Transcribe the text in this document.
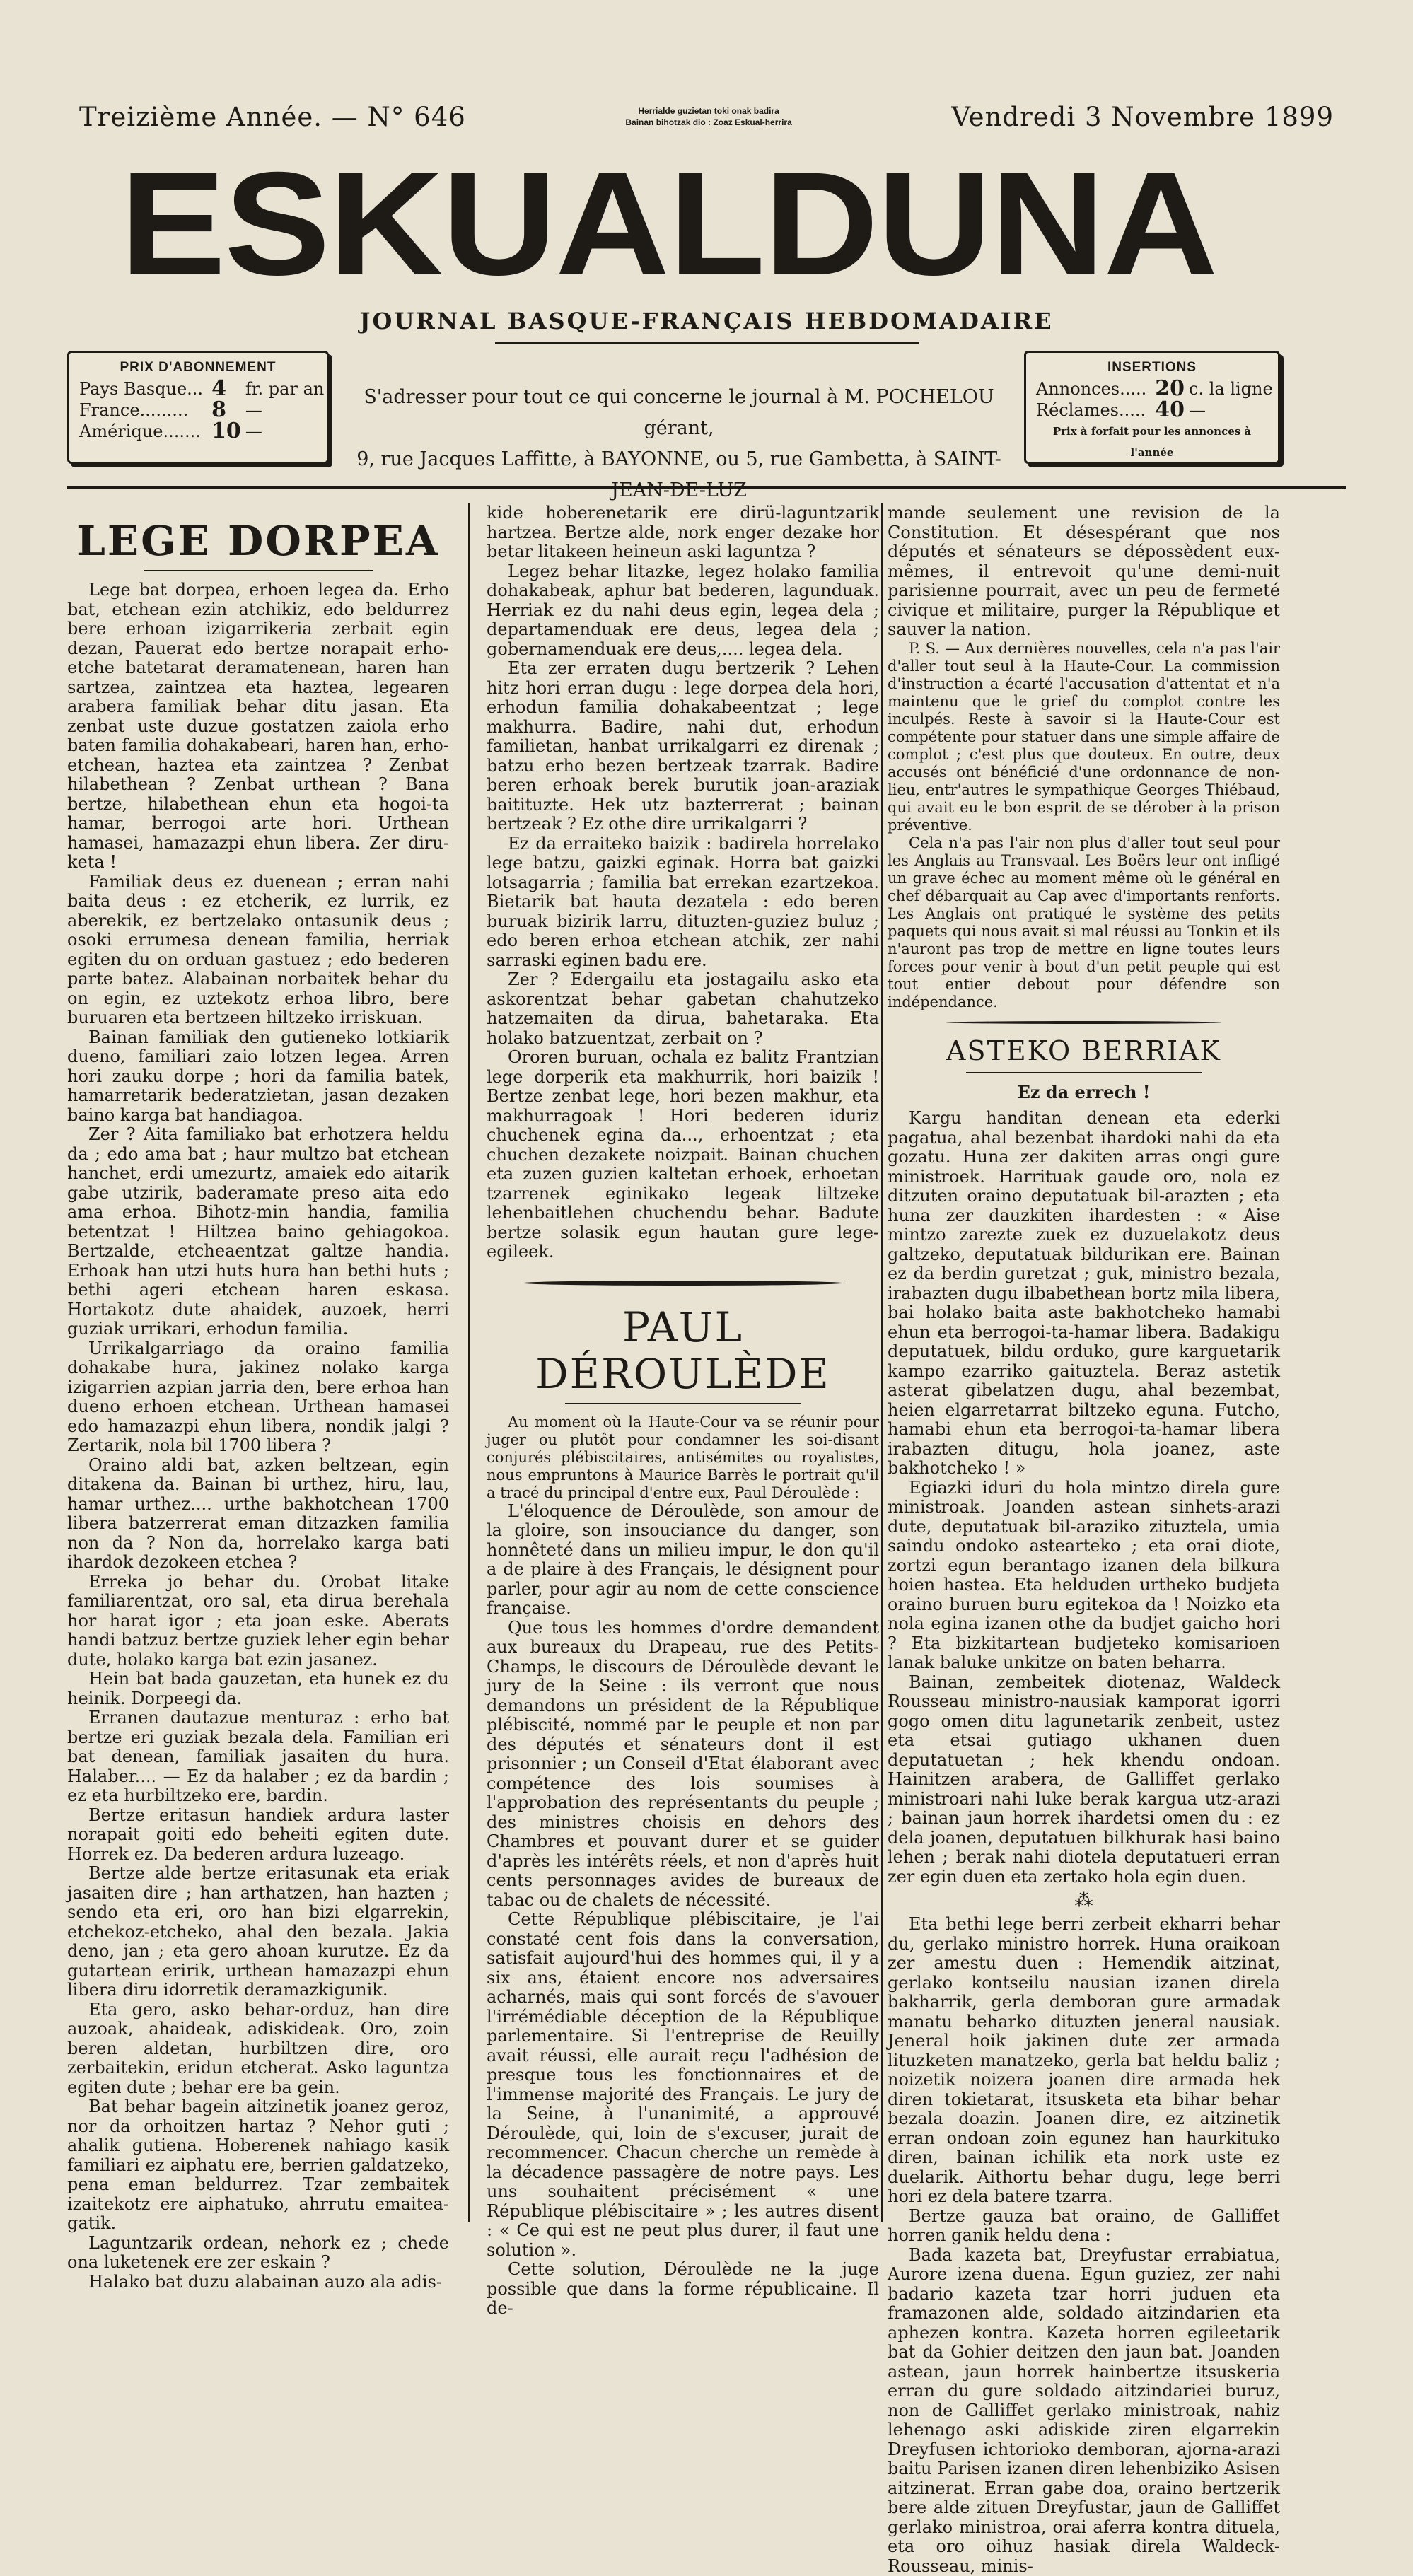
Treizième Année. — N° 646	Herrialde guzietan toki onak badira
Bainan bihotzak dio : Zoaz Eskual-herrira	Vendredi 3 Novembre 1899
ESKUALDUNA
JOURNAL BASQUE-FRANÇAIS HEBDOMADAIRE
PRIX D'ABONNEMENT
Pays Basque...	4	fr. par an
France.........	8	—
Amérique.......	10	—
S'adresser pour tout ce qui concerne le journal à M. POCHELOU gérant,
9, rue Jacques Laffitte, à BAYONNE, ou 5, rue Gambetta, à SAINT-JEAN-DE-LUZ
INSERTIONS
Annonces.....	20	c. la ligne
Réclames.....	40	—
Prix à forfait pour les annonces à l'année
LEGE DORPEA

Lege bat dorpea, erhoen legea da. Erho bat, etchean ezin atchikiz, edo beldurrez bere erhoan izigarrikeria zerbait egin dezan, Pauerat edo bertze norapait erho-etche batetarat deramatenean, haren han sartzea, zaintzea eta haztea, legearen arabera familiak behar ditu jasan. Eta zenbat uste duzue gostatzen zaiola erho baten familia dohakabeari, haren han, erho-etchean, haztea eta zaintzea ? Zenbat hilabethean ? Zenbat urthean ? Bana bertze, hilabethean ehun eta hogoi-ta hamar, berrogoi arte hori. Urthean hamasei, hamazazpi ehun libera. Zer diru-keta !

Familiak deus ez duenean ; erran nahi baita deus : ez etcherik, ez lurrik, ez aberekik, ez bertzelako ontasunik deus ; osoki errumesa denean familia, herriak egiten du on orduan gastuez ; edo bederen parte batez. Alabainan norbaitek behar du on egin, ez uztekotz erhoa libro, bere buruaren eta bertzeen hiltzeko irriskuan.

Bainan familiak den gutieneko lotkiarik dueno, familiari zaio lotzen legea. Arren hori zauku dorpe ; hori da familia batek, hamarretarik bederatzietan, jasan dezaken baino karga bat handiagoa.

Zer ? Aita familiako bat erhotzera heldu da ; edo ama bat ; haur multzo bat etchean hanchet, erdi umezurtz, amaiek edo aitarik gabe utzirik, baderamate preso aita edo ama erhoa. Bihotz-min handia, familia betentzat ! Hiltzea baino gehiagokoa. Bertzalde, etcheaentzat galtze handia. Erhoak han utzi huts hura han bethi huts ; bethi ageri etchean haren eskasa. Hortakotz dute ahaidek, auzoek, herri guziak urrikari, erhodun familia.

Urrikalgarriago da oraino familia dohakabe hura, jakinez nolako karga izigarrien azpian jarria den, bere erhoa han dueno erhoen etchean. Urthean hamasei edo hamazazpi ehun libera, nondik jalgi ? Zertarik, nola bil 1700 libera ?

Oraino aldi bat, azken beltzean, egin ditakena da. Bainan bi urthez, hiru, lau, hamar urthez.... urthe bakhotchean 1700 libera batzerrerat eman ditzazken familia non da ? Non da, horrelako karga bati ihardok dezokeen etchea ?

Erreka jo behar du. Orobat litake familiarentzat, oro sal, eta dirua berehala hor harat igor ; eta joan eske. Aberats handi batzuz bertze guziek leher egin behar dute, holako karga bat ezin jasanez.

Hein bat bada gauzetan, eta hunek ez du heinik. Dorpeegi da.

Erranen dautazue menturaz : erho bat bertze eri guziak bezala dela. Familian eri bat denean, familiak jasaiten du hura. Halaber.... — Ez da halaber ; ez da bardin ; ez eta hurbiltzeko ere, bardin.

Bertze eritasun handiek ardura laster norapait goiti edo beheiti egiten dute. Horrek ez. Da bederen ardura luzeago.

Bertze alde bertze eritasunak eta eriak jasaiten dire ; han arthatzen, han hazten ; sendo eta eri, oro han bizi elgarrekin, etchekoz-etcheko, ahal den bezala. Jakia deno, jan ; eta gero ahoan kurutze. Ez da gutartean eririk, urthean hamazazpi ehun libera diru idorretik deramazkigunik.

Eta gero, asko behar-orduz, han dire auzoak, ahaideak, adiskideak. Oro, zoin beren aldetan, hurbiltzen dire, oro zerbaitekin, eridun etcherat. Asko laguntza egiten dute ; behar ere ba gein.

Bat behar bagein aitzinetik joanez geroz, nor da orhoitzen hartaz ? Nehor guti ; ahalik gutiena. Hoberenek nahiago kasik familiari ez aiphatu ere, berrien galdatzeko, pena eman beldurrez. Tzar zembaitek izaitekotz ere aiphatuko, ahrrutu emaitea-gatik.

Laguntzarik ordean, nehork ez ; chede ona luketenek ere zer eskain ?

Halako bat duzu alabainan auzo ala adis-

kide hoberenetarik ere dirü-laguntzarik hartzea. Bertze alde, nork enger dezake hor betar litakeen heineun aski laguntza ?

Legez behar litazke, legez holako familia dohakabeak, aphur bat bederen, lagunduak. Herriak ez du nahi deus egin, legea dela ; departamenduak ere deus, legea dela ; gobernamenduak ere deus,.... legea dela.

Eta zer erraten dugu bertzerik ? Lehen hitz hori erran dugu : lege dorpea dela hori, erhodun familia dohakabeentzat ; lege makhurra. Badire, nahi dut, erhodun familietan, hanbat urrikalgarri ez direnak ; batzu erho bezen bertzeak tzarrak. Badire beren erhoak berek burutik joan-araziak baitituzte. Hek utz bazterrerat ; bainan bertzeak ? Ez othe dire urrikalgarri ?

Ez da erraiteko baizik : badirela horrelako lege batzu, gaizki eginak. Horra bat gaizki lotsagarria ; familia bat errekan ezartzekoa. Bietarik bat hauta dezatela : edo beren buruak bizirik larru, dituzten-guziez buluz ; edo beren erhoa etchean atchik, zer nahi sarraski eginen badu ere.

Zer ? Edergailu eta jostagailu asko eta askorentzat behar gabetan chahutzeko hatzemaiten da dirua, bahetaraka. Eta holako batzuentzat, zerbait on ?

Ororen buruan, ochala ez balitz Frantzian lege dorperik eta makhurrik, hori baizik ! Bertze zenbat lege, hori bezen makhur, eta makhurragoak ! Hori bederen iduriz chuchenek egina da..., erhoentzat ; eta chuchen dezakete noizpait. Bainan chuchen eta zuzen guzien kaltetan erhoek, erhoetan tzarrenek eginikako legeak liltzeke lehenbaitlehen chuchendu behar. Badute bertze solasik egun hautan gure lege-egileek.

PAUL DÉROULÈDE

Au moment où la Haute-Cour va se réunir pour juger ou plutôt pour condamner les soi-disant conjurés plébiscitaires, antisémites ou royalistes, nous empruntons à Maurice Barrès le portrait qu'il a tracé du principal d'entre eux, Paul Déroulède :

L'éloquence de Déroulède, son amour de la gloire, son insouciance du danger, son honnêteté dans un milieu impur, le don qu'il a de plaire à des Français, le désignent pour parler, pour agir au nom de cette conscience française.

Que tous les hommes d'ordre demandent aux bureaux du Drapeau, rue des Petits-Champs, le discours de Déroulède devant le jury de la Seine : ils verront que nous demandons un président de la République plébiscité, nommé par le peuple et non par des députés et sénateurs dont il est prisonnier ; un Conseil d'Etat élaborant avec compétence des lois soumises à l'approbation des représentants du peuple ; des ministres choisis en dehors des Chambres et pouvant durer et se guider d'après les intérêts réels, et non d'après huit cents personnages avides de bureaux de tabac ou de chalets de nécessité.

Cette République plébiscitaire, je l'ai constaté cent fois dans la conversation, satisfait aujourd'hui des hommes qui, il y a six ans, étaient encore nos adversaires acharnés, mais qui sont forcés de s'avouer l'irrémédiable déception de la République parlementaire. Si l'entreprise de Reuilly avait réussi, elle aurait reçu l'adhésion de presque tous les fonctionnaires et de l'immense majorité des Français. Le jury de la Seine, à l'unanimité, a approuvé Déroulède, qui, loin de s'excuser, jurait de recommencer. Chacun cherche un remède à la décadence passagère de notre pays. Les uns souhaitent précisément « une République plébiscitaire » ; les autres disent : « Ce qui est ne peut plus durer, il faut une solution ».

Cette solution, Déroulède ne la juge possible que dans la forme républicaine. Il de-

mande seulement une revision de la Constitution. Et désespérant que nos députés et sénateurs se dépossèdent eux-mêmes, il entrevoit qu'une demi-nuit parisienne pourrait, avec un peu de fermeté civique et militaire, purger la République et sauver la nation.

P. S. — Aux dernières nouvelles, cela n'a pas l'air d'aller tout seul à la Haute-Cour. La commission d'instruction a écarté l'accusation d'attentat et n'a maintenu que le grief du complot contre les inculpés. Reste à savoir si la Haute-Cour est compétente pour statuer dans une simple affaire de complot ; c'est plus que douteux. En outre, deux accusés ont bénéficié d'une ordonnance de non-lieu, entr'autres le sympathique Georges Thiébaud, qui avait eu le bon esprit de se dérober à la prison préventive.

Cela n'a pas l'air non plus d'aller tout seul pour les Anglais au Transvaal. Les Boërs leur ont infligé un grave échec au moment même où le général en chef débarquait au Cap avec d'importants renforts. Les Anglais ont pratiqué le système des petits paquets qui nous avait si mal réussi au Tonkin et ils n'auront pas trop de mettre en ligne toutes leurs forces pour venir à bout d'un petit peuple qui est tout entier debout pour défendre son indépendance.

ASTEKO BERRIAK
Ez da errech !

Kargu handitan denean eta ederki pagatua, ahal bezenbat ihardoki nahi da eta gozatu. Huna zer dakiten arras ongi gure ministroek. Harrituak gaude oro, nola ez ditzuten oraino deputatuak bil-arazten ; eta huna zer dauzkiten ihardesten : « Aise mintzo zarezte zuek ez duzuelakotz deus galtzeko, deputatuak bildurikan ere. Bainan ez da berdin guretzat ; guk, ministro bezala, irabazten dugu ilbabethean bortz mila libera, bai holako baita aste bakhotcheko hamabi ehun eta berrogoi-ta-hamar libera. Badakigu deputatuek, bildu orduko, gure karguetarik kampo ezarriko gaituztela. Beraz astetik asterat gibelatzen dugu, ahal bezembat, heien elgarretarrat biltzeko eguna. Futcho, hamabi ehun eta berrogoi-ta-hamar libera irabazten ditugu, hola joanez, aste bakhotcheko ! »

Egiazki iduri du hola mintzo direla gure ministroak. Joanden astean sinhets-arazi dute, deputatuak bil-araziko zituztela, umia saindu ondoko astearteko ; eta orai diote, zortzi egun berantago izanen dela bilkura hoien hastea. Eta helduden urtheko budjeta oraino buruen buru egitekoa da ! Noizko eta nola egina izanen othe da budjet gaicho hori ? Eta bizkitartean budjeteko komisarioen lanak baluke unkitze on baten beharra.

Bainan, zembeitek diotenaz, Waldeck Rousseau ministro-nausiak kamporat igorri gogo omen ditu lagunetarik zenbeit, ustez eta etsai gutiago ukhanen duen deputatuetan ; hek khendu ondoan. Hainitzen arabera, de Galliffet gerlako ministroari nahi luke berak kargua utz-arazi ; bainan jaun horrek ihardetsi omen du : ez dela joanen, deputatuen bilkhurak hasi baino lehen ; berak nahi diotela deputatueri erran zer egin duen eta zertako hola egin duen.

⁂

Eta bethi lege berri zerbeit ekharri behar du, gerlako ministro horrek. Huna oraikoan zer amestu duen : Hemendik aitzinat, gerlako kontseilu nausian izanen direla bakharrik, gerla demboran gure armadak manatu beharko dituzten jeneral nausiak. Jeneral hoik jakinen dute zer armada lituzketen manatzeko, gerla bat heldu baliz ; noizetik noizera joanen dire armada hek diren tokietarat, itsusketa eta bihar behar bezala doazin. Joanen dire, ez aitzinetik erran ondoan zoin egunez han haurkituko diren, bainan ichilik eta nork uste ez duelarik. Aithortu behar dugu, lege berri hori ez dela batere tzarra.

Bertze gauza bat oraino, de Galliffet horren ganik heldu dena :

Bada kazeta bat, Dreyfustar errabiatua, Aurore izena duena. Egun guziez, zer nahi badario kazeta tzar horri juduen eta framazonen alde, soldado aitzindarien eta aphezen kontra. Kazeta horren egileetarik bat da Gohier deitzen den jaun bat. Joanden astean, jaun horrek hainbertze itsuskeria erran du gure soldado aitzindariei buruz, non de Galliffet gerlako ministroak, nahiz lehenago aski adiskide ziren elgarrekin Dreyfusen ichtorioko demboran, ajorna-arazi baitu Parisen izanen diren lehenbiziko Asisen aitzinerat. Erran gabe doa, oraino bertzerik bere alde zituen Dreyfustar, jaun de Galliffet gerlako ministroa, orai aferra kontra dituela, eta oro oihuz hasiak direla Waldeck-Rousseau, minis-
